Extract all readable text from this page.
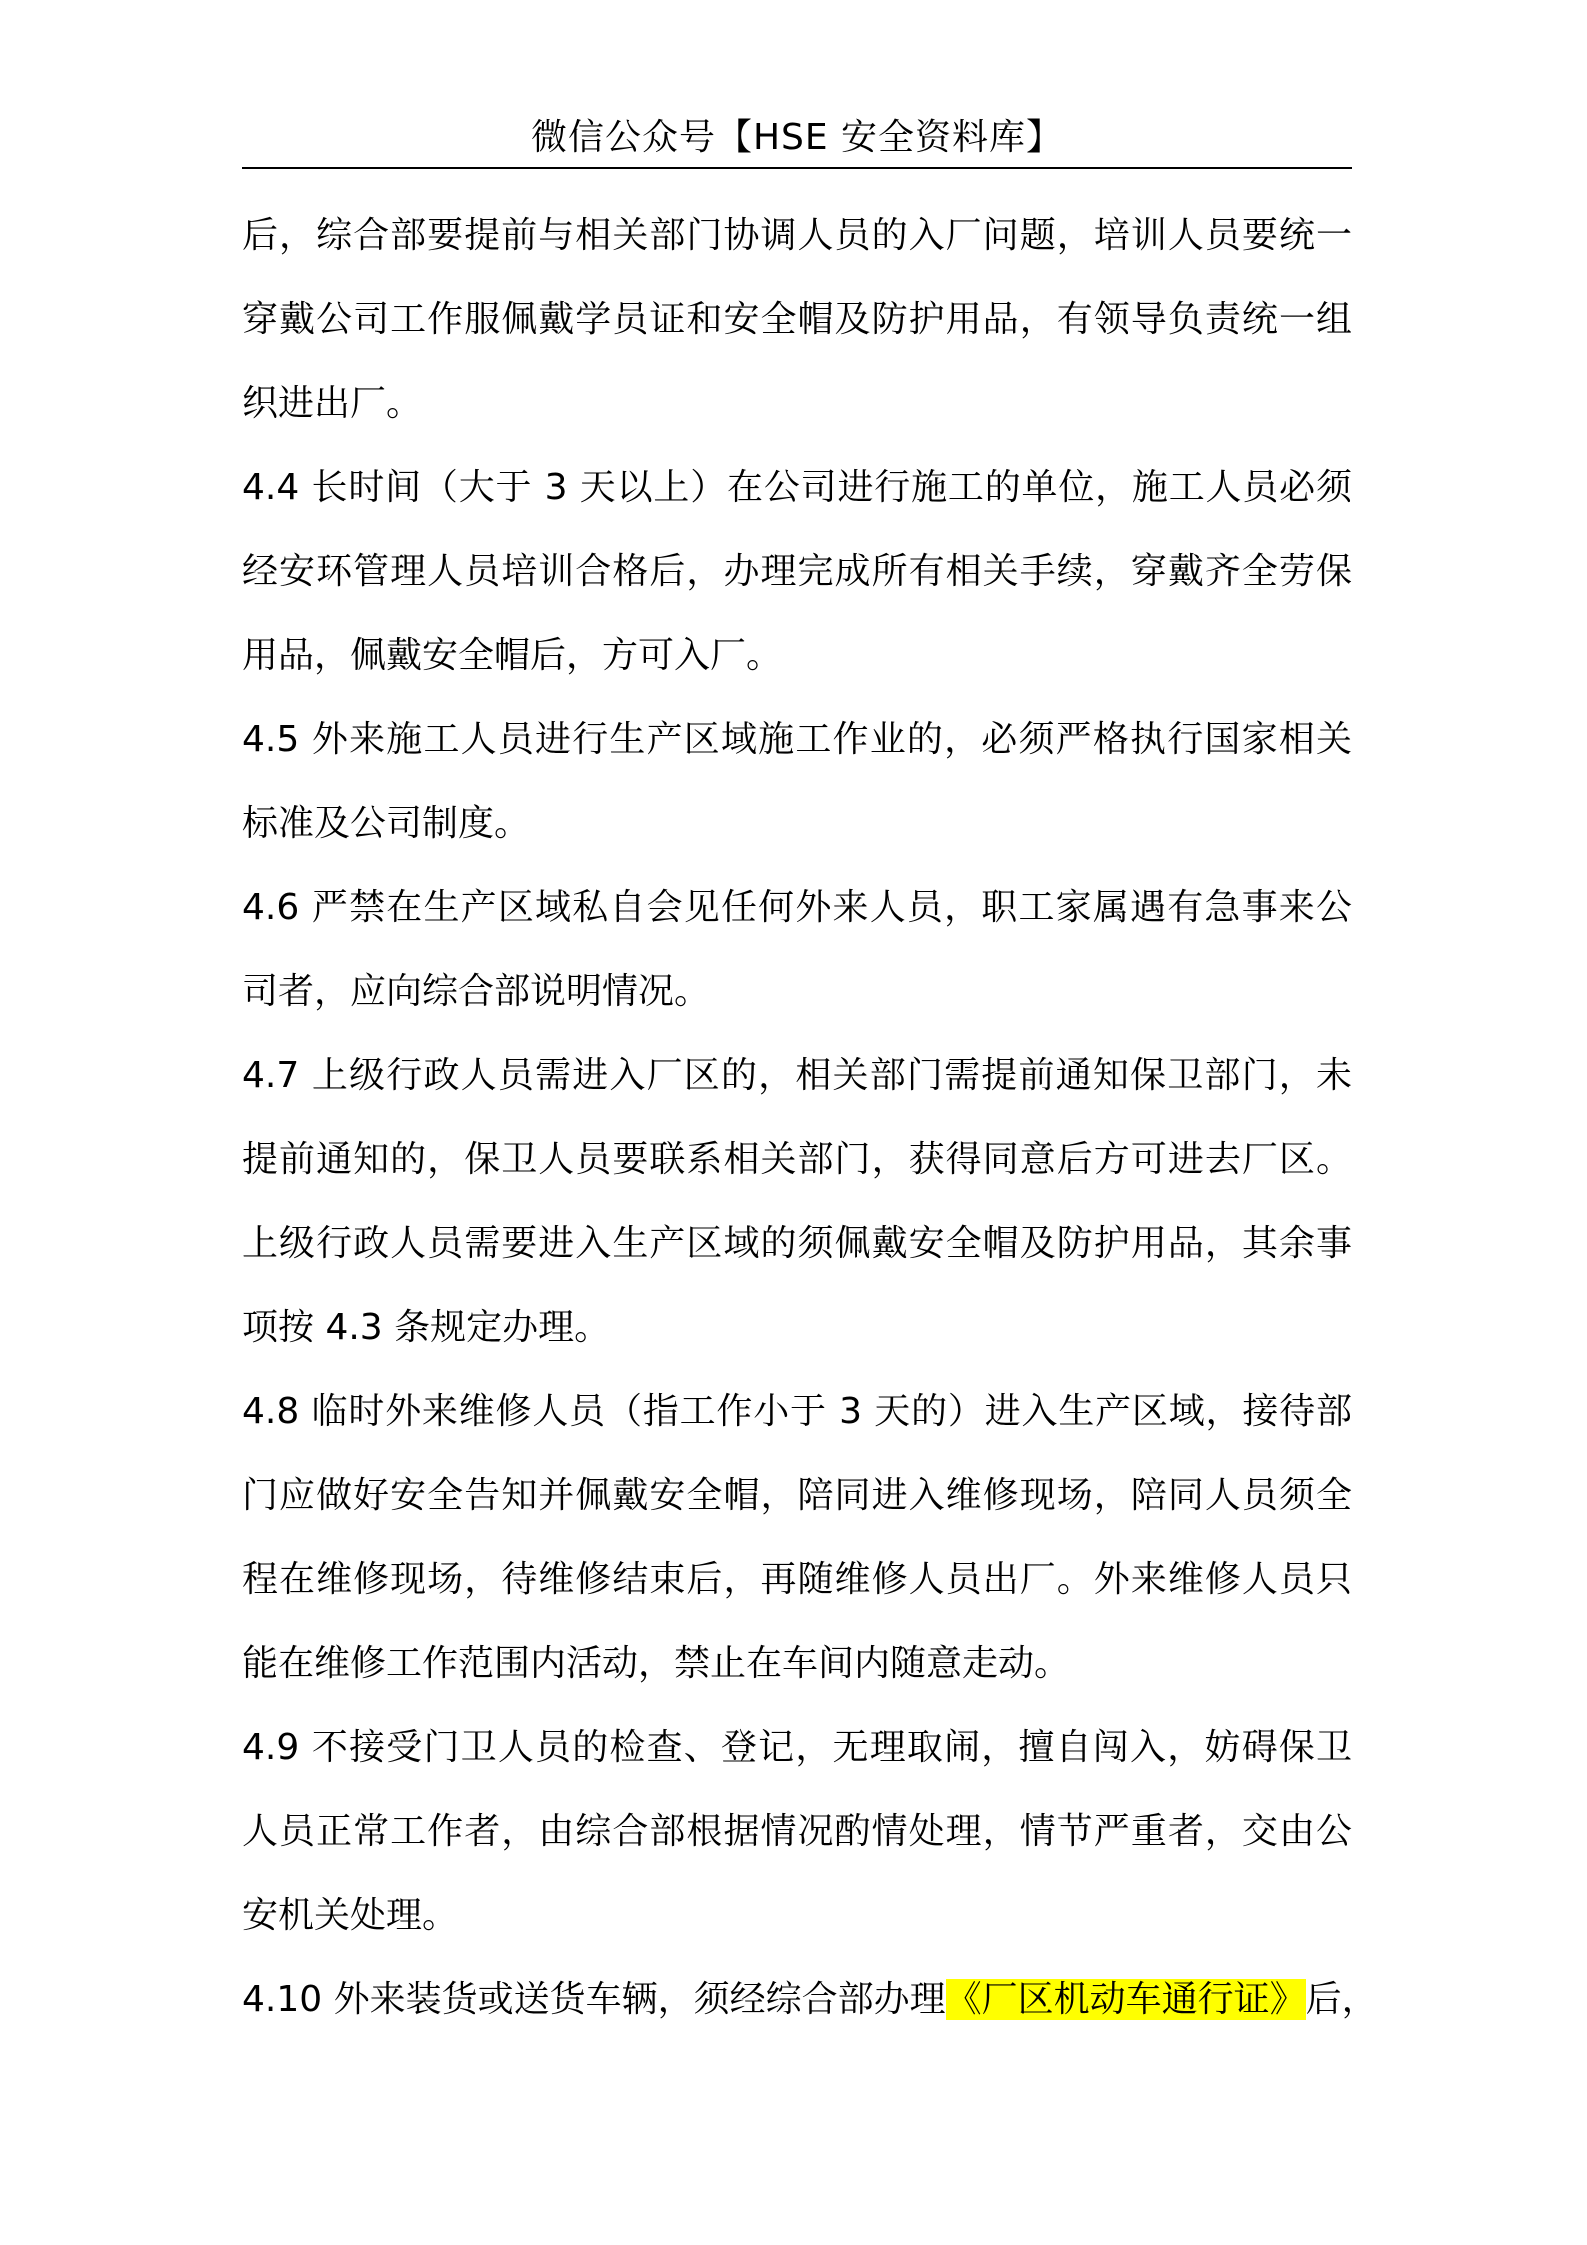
微信公众号【HSE 安全资料库】
后，综合部要提前与相关部门协调人员的入厂问题，培训人员要统一
穿戴公司工作服佩戴学员证和安全帽及防护用品，有领导负责统一组
织进出厂。
4.4 长时间（大于 3 天以上）在公司进行施工的单位，施工人员必须
经安环管理人员培训合格后，办理完成所有相关手续，穿戴齐全劳保
用品，佩戴安全帽后，方可入厂。
4.5 外来施工人员进行生产区域施工作业的，必须严格执行国家相关
标准及公司制度。
4.6 严禁在生产区域私自会见任何外来人员，职工家属遇有急事来公
司者，应向综合部说明情况。
4.7 上级行政人员需进入厂区的，相关部门需提前通知保卫部门，未
提前通知的，保卫人员要联系相关部门，获得同意后方可进去厂区。
上级行政人员需要进入生产区域的须佩戴安全帽及防护用品，其余事
项按 4.3 条规定办理。
4.8 临时外来维修人员（指工作小于 3 天的）进入生产区域，接待部
门应做好安全告知并佩戴安全帽，陪同进入维修现场，陪同人员须全
程在维修现场，待维修结束后，再随维修人员出厂。外来维修人员只
能在维修工作范围内活动，禁止在车间内随意走动。
4.9 不接受门卫人员的检查、登记，无理取闹，擅自闯入，妨碍保卫
人员正常工作者，由综合部根据情况酌情处理，情节严重者，交由公
安机关处理。
4.10 外来装货或送货车辆，须经综合部办理《厂区机动车通行证》后，
